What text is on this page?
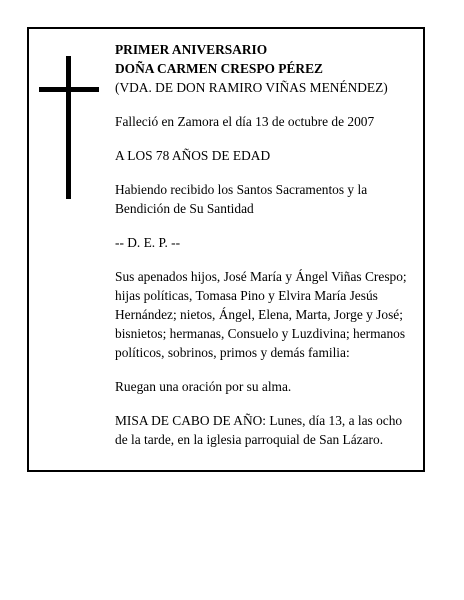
PRIMER ANIVERSARIO
DOÑA CARMEN CRESPO PÉREZ
(VDA. DE DON RAMIRO VIÑAS MENÉNDEZ)

Falleció en Zamora el día 13 de octubre de 2007

A LOS 78 AÑOS DE EDAD

Habiendo recibido los Santos Sacramentos y la
Bendición de Su Santidad

-- D. E. P. --

Sus apenados hijos, José María y Ángel Viñas Crespo;
hijas políticas, Tomasa Pino y Elvira María Jesús
Hernández; nietos, Ángel, Elena, Marta, Jorge y José;
bisnietos; hermanas, Consuelo y Luzdivina; hermanos
políticos, sobrinos, primos y demás familia:

Ruegan una oración por su alma.

MISA DE CABO DE AÑO: Lunes, día 13, a las ocho
de la tarde, en la iglesia parroquial de San Lázaro.
